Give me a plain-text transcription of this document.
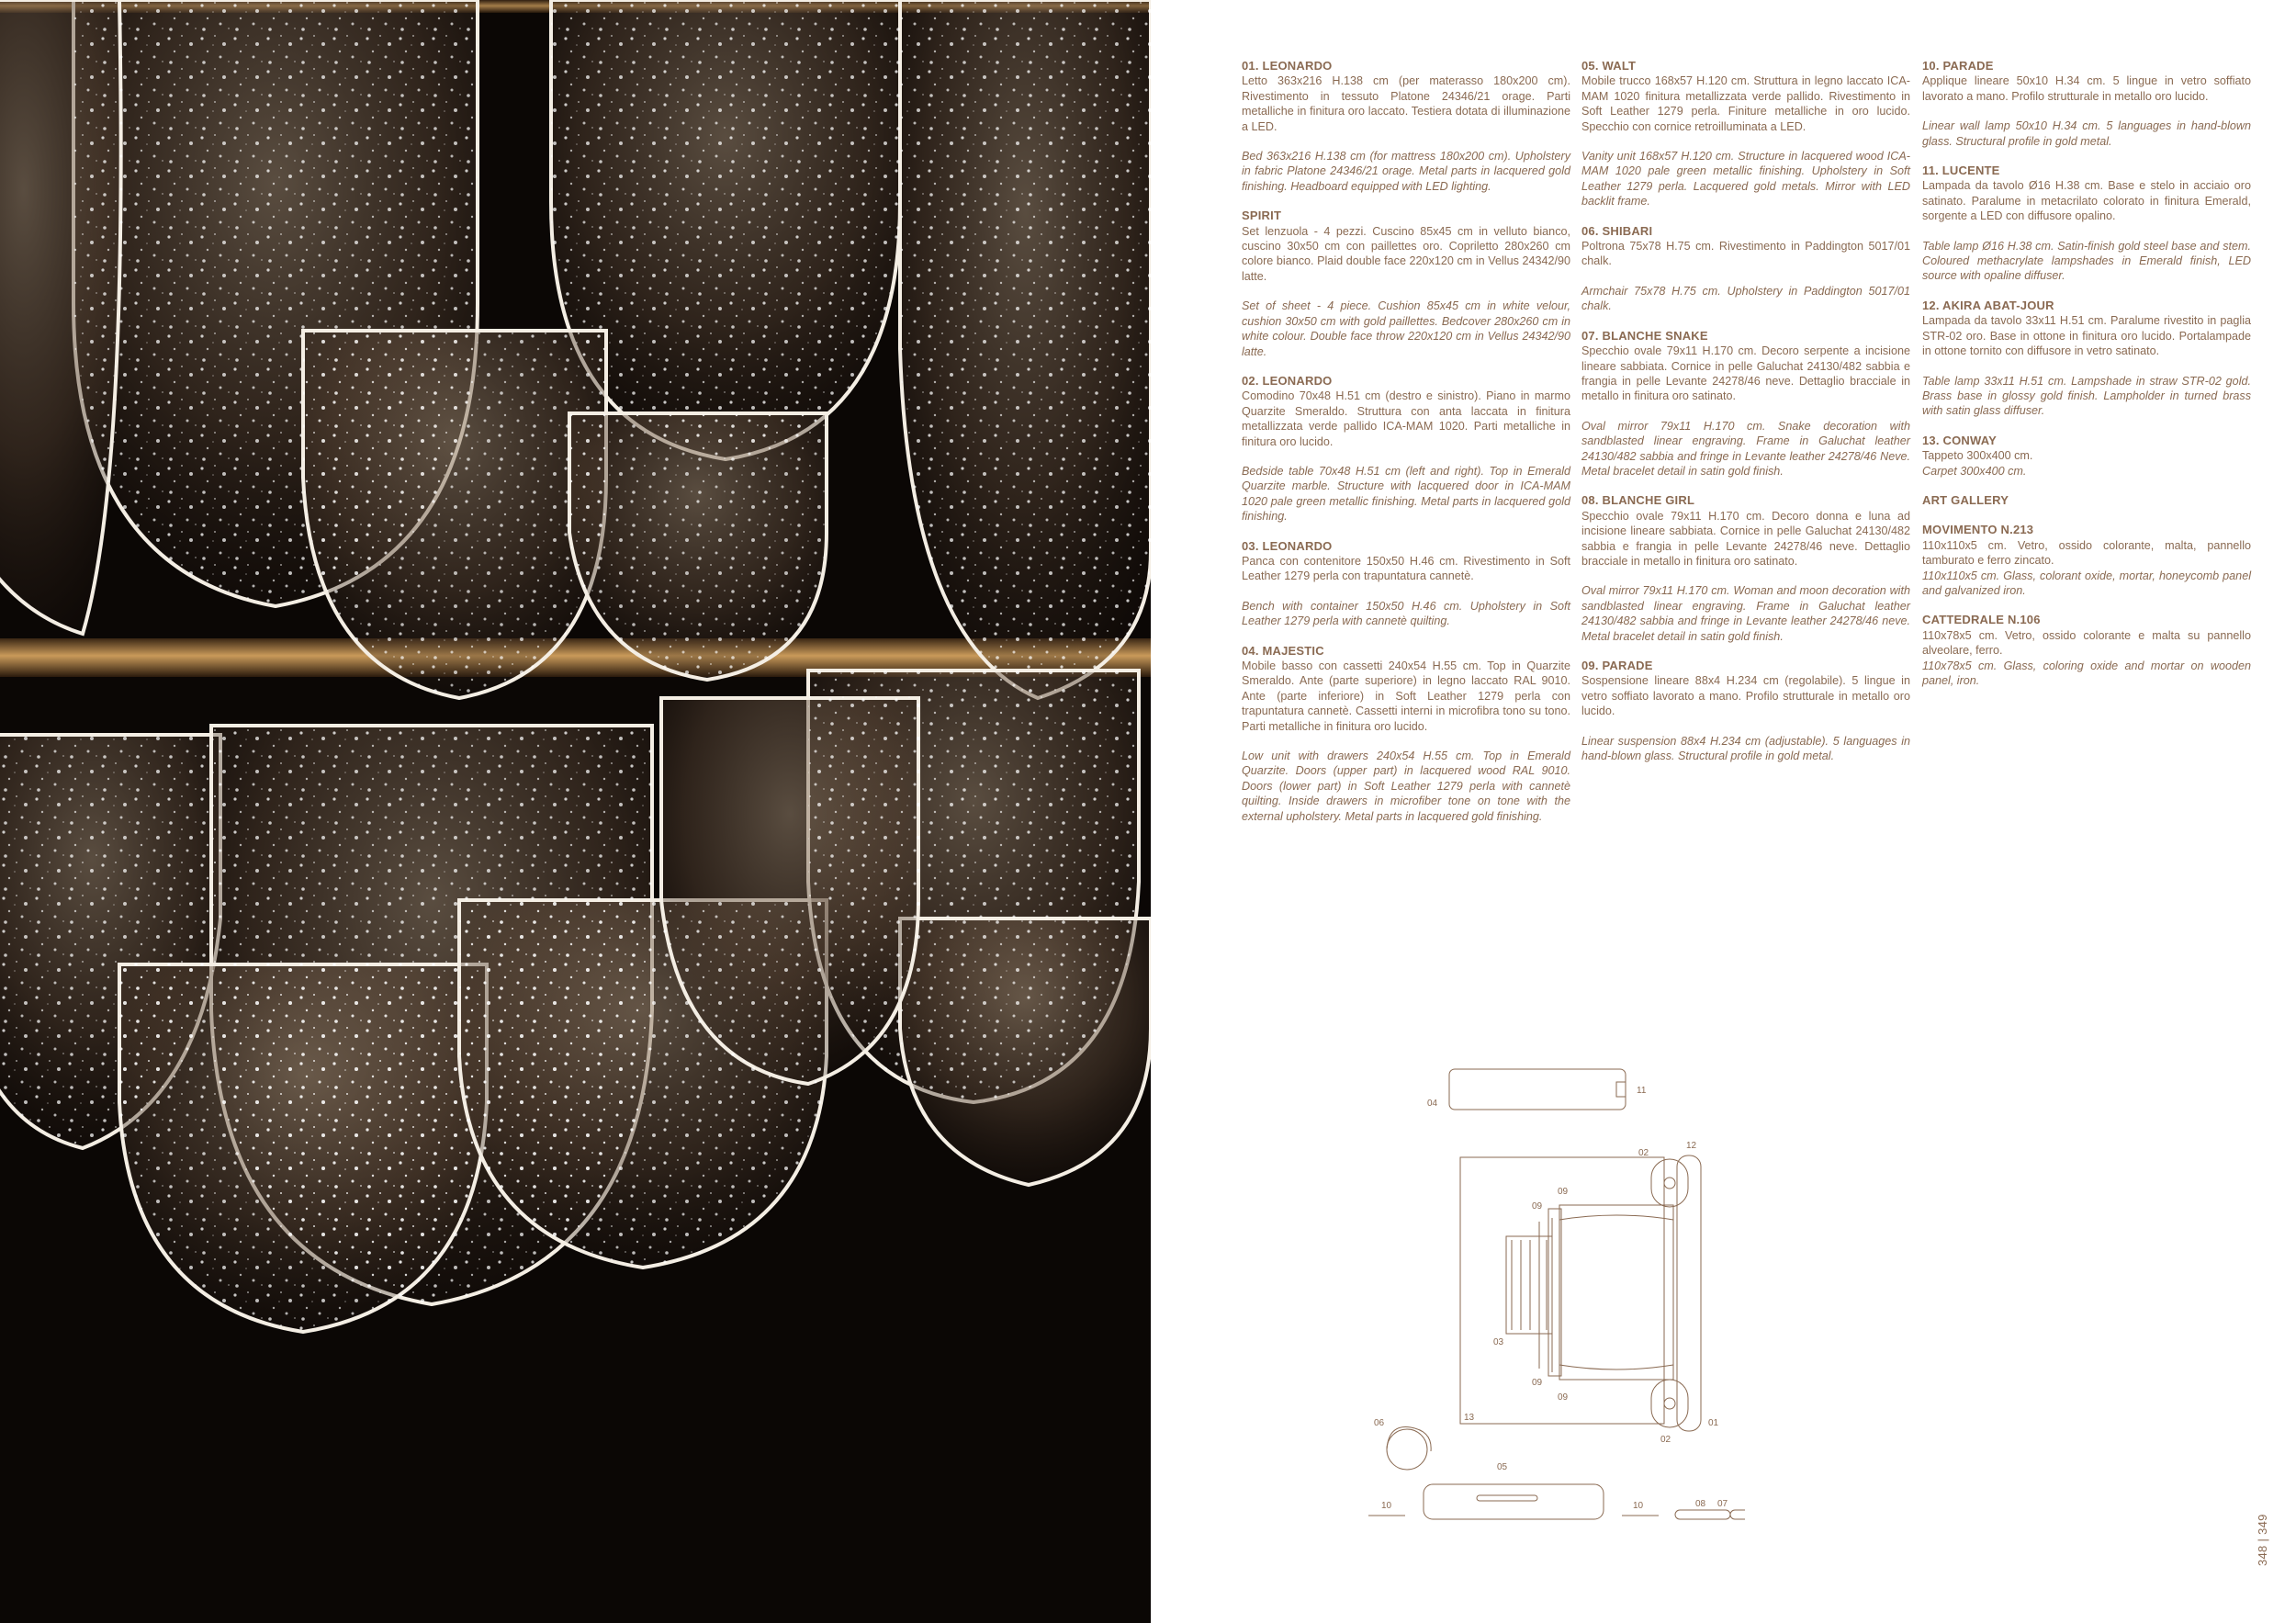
01. LEONARDO

Letto 363x216 H.138 cm (per materasso 180x200 cm). Rivestimento in tessuto Platone 24346/21 orage. Parti metalliche in finitura oro laccato. Testiera dotata di illuminazione a LED.

Bed 363x216 H.138 cm (for mattress 180x200 cm). Upholstery in fabric Platone 24346/21 orage. Metal parts in lacquered gold finishing. Headboard equipped with LED lighting.

SPIRIT

Set lenzuola - 4 pezzi. Cuscino 85x45 cm in velluto bianco, cuscino 30x50 cm con paillettes oro. Copriletto 280x260 cm colore bianco. Plaid double face 220x120 cm in Vellus 24342/90 latte.

Set of sheet - 4 piece. Cushion 85x45 cm in white velour, cushion 30x50 cm with gold paillettes. Bedcover 280x260 cm in white colour. Double face throw 220x120 cm in Vellus 24342/90 latte.

02. LEONARDO

Comodino 70x48 H.51 cm (destro e sinistro). Piano in marmo Quarzite Smeraldo. Struttura con anta laccata in finitura metallizzata verde pallido ICA-MAM 1020. Parti metalliche in finitura oro lucido.

Bedside table 70x48 H.51 cm (left and right). Top in Emerald Quarzite marble. Structure with lacquered door in ICA-MAM 1020 pale green metallic finishing. Metal parts in lacquered gold finishing.

03. LEONARDO

Panca con contenitore 150x50 H.46 cm. Rivestimento in Soft Leather 1279 perla con trapuntatura cannetè.

Bench with container 150x50 H.46 cm. Upholstery in Soft Leather 1279 perla with cannetè quilting.

04. MAJESTIC

Mobile basso con cassetti 240x54 H.55 cm. Top in Quarzite Smeraldo. Ante (parte superiore) in legno laccato RAL 9010. Ante (parte inferiore) in Soft Leather 1279 perla con trapuntatura cannetè. Cassetti interni in microfibra tono su tono. Parti metalliche in finitura oro lucido.

Low unit with drawers 240x54 H.55 cm. Top in Emerald Quarzite. Doors (upper part) in lacquered wood RAL 9010. Doors (lower part) in Soft Leather 1279 perla with cannetè quilting. Inside drawers in microfiber tone on tone with the external upholstery. Metal parts in lacquered gold finishing.

05. WALT

Mobile trucco 168x57 H.120 cm. Struttura in legno laccato ICA-MAM 1020 finitura metallizzata verde pallido. Rivestimento in Soft Leather 1279 perla. Finiture metalliche in oro lucido. Specchio con cornice retroilluminata a LED.

Vanity unit 168x57 H.120 cm. Structure in lacquered wood ICA-MAM 1020 pale green metallic finishing. Upholstery in Soft Leather 1279 perla. Lacquered gold metals. Mirror with LED backlit frame.

06. SHIBARI

Poltrona 75x78 H.75 cm. Rivestimento in Paddington 5017/01 chalk.

Armchair 75x78 H.75 cm. Upholstery in Paddington 5017/01 chalk.

07. BLANCHE SNAKE

Specchio ovale 79x11 H.170 cm. Decoro serpente a incisione lineare sabbiata. Cornice in pelle Galuchat 24130/482 sabbia e frangia in pelle Levante 24278/46 neve. Dettaglio bracciale in metallo in finitura oro satinato.

Oval mirror 79x11 H.170 cm. Snake decoration with sandblasted linear engraving. Frame in Galuchat leather 24130/482 sabbia and fringe in Levante leather 24278/46 Neve. Metal bracelet detail in satin gold finish.

08. BLANCHE GIRL

Specchio ovale 79x11 H.170 cm. Decoro donna e luna ad incisione lineare sabbiata. Cornice in pelle Galuchat 24130/482 sabbia e frangia in pelle Levante 24278/46 neve. Dettaglio bracciale in metallo in finitura oro satinato.

Oval mirror 79x11 H.170 cm. Woman and moon decoration with sandblasted linear engraving. Frame in Galuchat leather 24130/482 sabbia and fringe in Levante leather 24278/46 neve. Metal bracelet detail in satin gold finish.

09. PARADE

Sospensione lineare 88x4 H.234 cm (regolabile). 5 lingue in vetro soffiato lavorato a mano. Profilo strutturale in metallo oro lucido.

Linear suspension 88x4 H.234 cm (adjustable). 5 languages in hand-blown glass. Structural profile in gold metal.

10. PARADE

Applique lineare 50x10 H.34 cm. 5 lingue in vetro soffiato lavorato a mano. Profilo strutturale in metallo oro lucido.

Linear wall lamp 50x10 H.34 cm. 5 languages in hand-blown glass. Structural profile in gold metal.

11. LUCENTE

Lampada da tavolo Ø16 H.38 cm. Base e stelo in acciaio oro satinato. Paralume in metacrilato colorato in finitura Emerald, sorgente a LED con diffusore opalino.

Table lamp Ø16 H.38 cm. Satin-finish gold steel base and stem. Coloured methacrylate lampshades in Emerald finish, LED source with opaline diffuser.

12. AKIRA ABAT-JOUR

Lampada da tavolo 33x11 H.51 cm. Paralume rivestito in paglia STR-02 oro. Base in ottone in finitura oro lucido. Portalampade in ottone tornito con diffusore in vetro satinato.

Table lamp 33x11 H.51 cm. Lampshade in straw STR-02 gold. Brass base in glossy gold finish. Lampholder in turned brass with satin glass diffuser.

13. CONWAY

Tappeto 300x400 cm.

Carpet 300x400 cm.

ART GALLERY
MOVIMENTO N.213

110x110x5 cm. Vetro, ossido colorante, malta, pannello tamburato e ferro zincato.

110x110x5 cm. Glass, colorant oxide, mortar, honeycomb panel and galvanized iron.

CATTEDRALE N.106

110x78x5 cm. Vetro, ossido colorante e malta su pannello alveolare, ferro.

110x78x5 cm. Glass, coloring oxide and mortar on wooden panel, iron.

04
11
12
02
09
09
09
09
03
01
02
06
13
05
10	10	08 07
348 | 349
